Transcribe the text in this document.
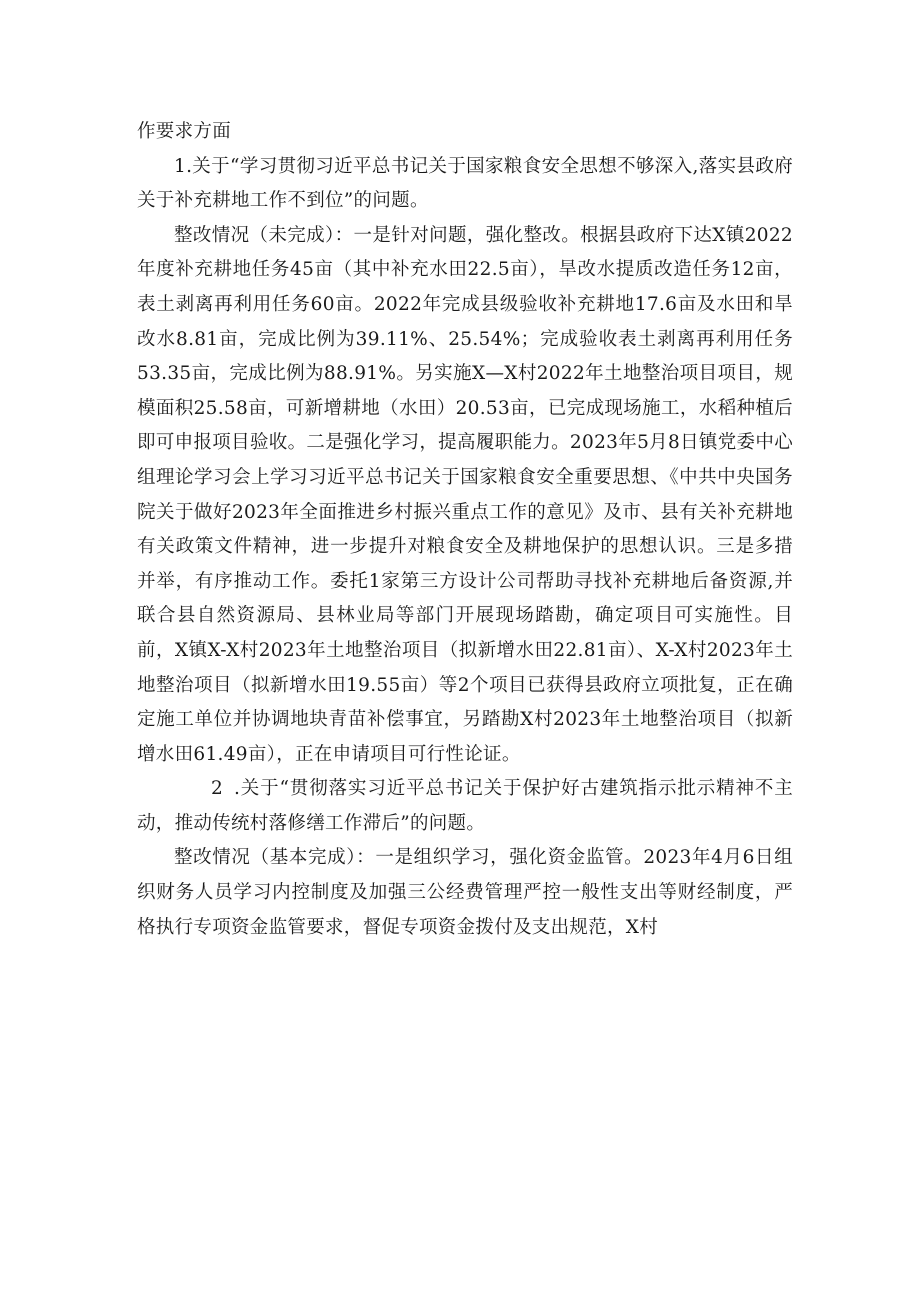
作要求方面

1.关于“学习贯彻习近平总书记关于国家粮食安全思想不够深入,落实县政府关于补充耕地工作不到位”的问题。

整改情况（未完成）：一是针对问题，强化整改。根据县政府下达X镇2022年度补充耕地任务45亩（其中补充水田22.5亩），旱改水提质改造任务12亩，表土剥离再利用任务60亩。2022年完成县级验收补充耕地17.6亩及水田和旱改水8.81亩，完成比例为39.11%、25.54%；完成验收表土剥离再利用任务53.35亩，完成比例为88.91%。另实施X—X村2022年土地整治项目项目，规模面积25.58亩，可新增耕地（水田）20.53亩，已完成现场施工，水稻种植后即可申报项目验收。二是强化学习，提高履职能力。2023年5月8日镇党委中心组理论学习会上学习习近平总书记关于国家粮食安全重要思想、《中共中央国务院关于做好2023年全面推进乡村振兴重点工作的意见》及市、县有关补充耕地有关政策文件精神，进一步提升对粮食安全及耕地保护的思想认识。三是多措并举，有序推动工作。委托1家第三方设计公司帮助寻找补充耕地后备资源,并联合县自然资源局、县林业局等部门开展现场踏勘，确定项目可实施性。目前，X镇X-X村2023年土地整治项目（拟新增水田22.81亩）、X-X村2023年土地整治项目（拟新增水田19.55亩）等2个项目已获得县政府立项批复，正在确定施工单位并协调地块青苗补偿事宜，另踏勘X村2023年土地整治项目（拟新增水田61.49亩），正在申请项目可行性论证。

2 .关于“贯彻落实习近平总书记关于保护好古建筑指示批示精神不主动，推动传统村落修缮工作滞后”的问题。

整改情况（基本完成）：一是组织学习，强化资金监管。2023年4月6日组织财务人员学习内控制度及加强三公经费管理严控一般性支出等财经制度，严格执行专项资金监管要求，督促专项资金拨付及支出规范，X村
